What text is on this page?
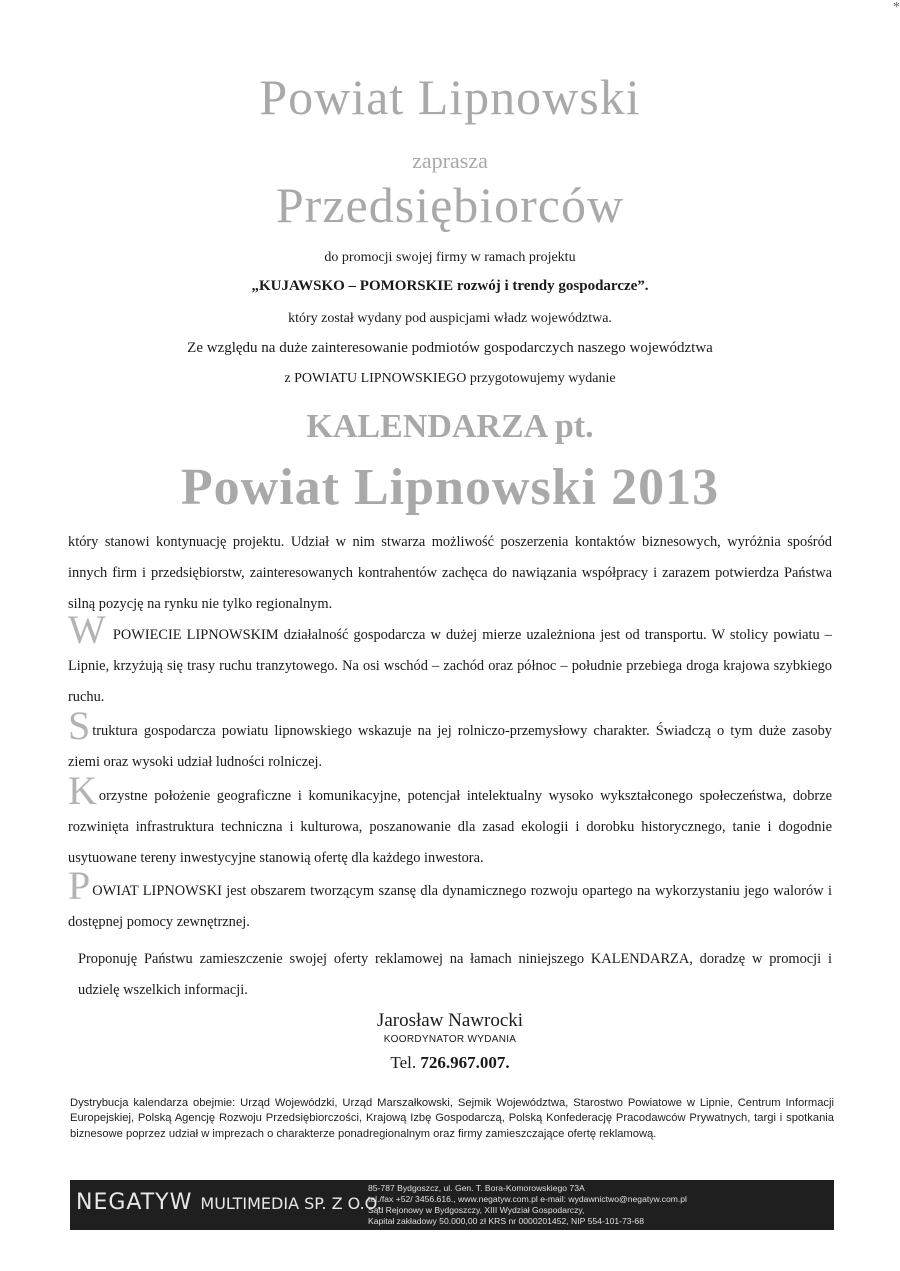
*
Powiat Lipnowski
zaprasza
Przedsiębiorców
do promocji swojej firmy w ramach projektu
„KUJAWSKO – POMORSKIE rozwój i trendy gospodarcze”.
który został wydany pod auspicjami władz województwa.
Ze względu na duże zainteresowanie podmiotów gospodarczych naszego województwa
z POWIATU LIPNOWSKIEGO przygotowujemy wydanie
KALENDARZA pt.
Powiat Lipnowski 2013
który stanowi kontynuację projektu. Udział w nim stwarza możliwość poszerzenia kontaktów biznesowych, wyróżnia spośród innych firm i przedsiębiorstw, zainteresowanych kontrahentów zachęca do nawiązania współpracy i zarazem potwierdza Państwa silną pozycję na rynku nie tylko regionalnym.
W POWIECIE LIPNOWSKIM działalność gospodarcza w dużej mierze uzależniona jest od transportu. W stolicy powiatu – Lipnie, krzyżują się trasy ruchu tranzytowego. Na osi wschód – zachód oraz północ – południe przebiega droga krajowa szybkiego ruchu.
Struktura gospodarcza powiatu lipnowskiego wskazuje na jej rolniczo-przemysłowy charakter. Świadczą o tym duże zasoby ziemi oraz wysoki udział ludności rolniczej.
Korzystne położenie geograficzne i komunikacyjne, potencjał intelektualny wysoko wykształconego społeczeństwa, dobrze rozwinięta infrastruktura techniczna i kulturowa, poszanowanie dla zasad ekologii i dorobku historycznego, tanie i dogodnie usytuowane tereny inwestycyjne stanowią ofertę dla każdego inwestora.
POWIAT LIPNOWSKI jest obszarem tworzącym szansę dla dynamicznego rozwoju opartego na wykorzystaniu jego walorów i dostępnej pomocy zewnętrznej.
Proponuję Państwu zamieszczenie swojej oferty reklamowej na łamach niniejszego KALENDARZA, doradzę w promocji i udzielę wszelkich informacji.
Jarosław Nawrocki
KOORDYNATOR WYDANIA
Tel. 726.967.007.
Dystrybucja kalendarza obejmie: Urząd Wojewódzki, Urząd Marszałkowski, Sejmik Województwa, Starostwo Powiatowe w Lipnie, Centrum Informacji Europejskiej, Polską Agencję Rozwoju Przedsiębiorczości, Krajową Izbę Gospodarczą, Polską Konfederację Pracodawców Prywatnych, targi i spotkania biznesowe poprzez udział w imprezach o charakterze ponadregionalnym oraz firmy zamieszczające ofertę reklamową.
NEGATYW MULTIMEDIA SP. Z O.O.
85-787 Bydgoszcz, ul. Gen. T. Bora-Komorowskiego 73A
tel./fax +52/ 3456.616., www.negatyw.com.pl e-mail: wydawnictwo@negatyw.com.pl
Sąd Rejonowy w Bydgoszczy, XIII Wydział Gospodarczy,
Kapitał zakładowy 50.000,00 zł KRS nr 0000201452, NIP 554-101-73-68
